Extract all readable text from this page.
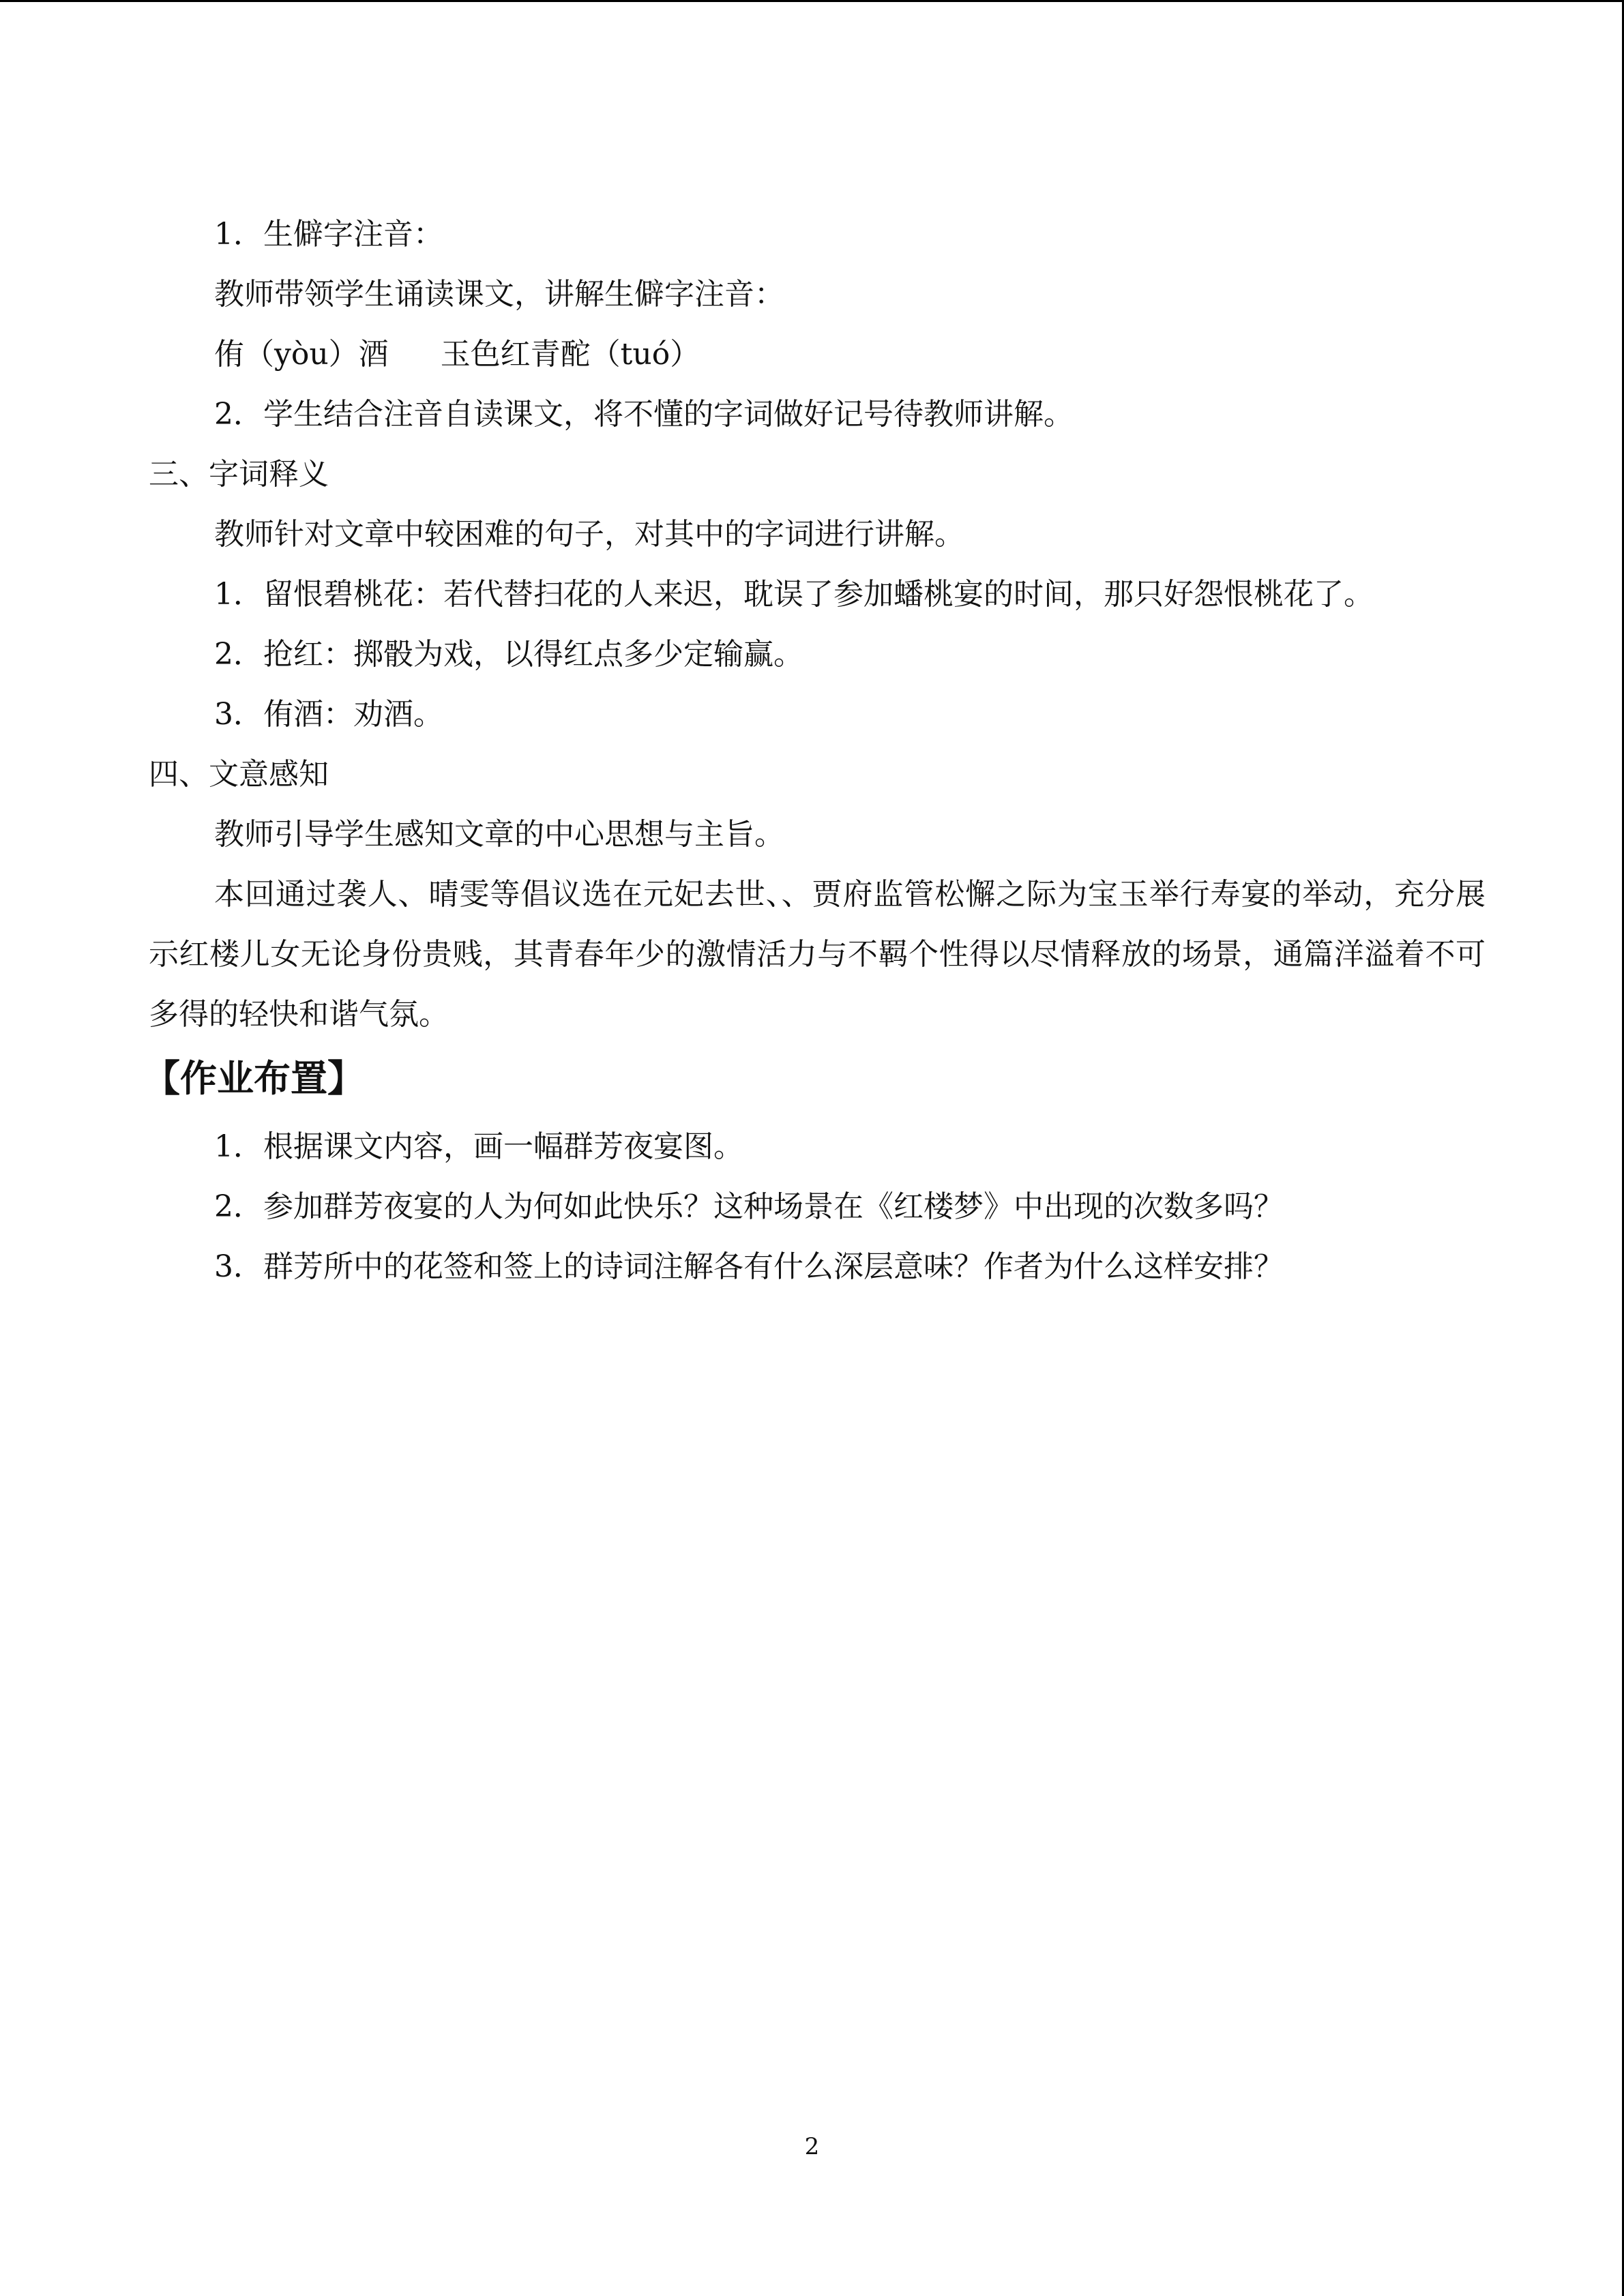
1．生僻字注音：
教师带领学生诵读课文，讲解生僻字注音：
侑（yòu）酒 玉色红青酡（tuó）
2．学生结合注音自读课文，将不懂的字词做好记号待教师讲解。
三、字词释义
教师针对文章中较困难的句子，对其中的字词进行讲解。
1．留恨碧桃花：若代替扫花的人来迟，耽误了参加蟠桃宴的时间，那只好怨恨桃花了。
2．抢红：掷骰为戏，以得红点多少定输赢。
3．侑酒：劝酒。
四、文意感知
教师引导学生感知文章的中心思想与主旨。
本回通过袭人、晴雯等倡议选在元妃去世、、贾府监管松懈之际为宝玉举行寿宴的举动，充分展示红楼儿女无论身份贵贱，其青春年少的激情活力与不羁个性得以尽情释放的场景，通篇洋溢着不可多得的轻快和谐气氛。
【作业布置】
1．根据课文内容，画一幅群芳夜宴图。
2．参加群芳夜宴的人为何如此快乐？这种场景在《红楼梦》中出现的次数多吗？
3．群芳所中的花签和签上的诗词注解各有什么深层意味？作者为什么这样安排？
2
